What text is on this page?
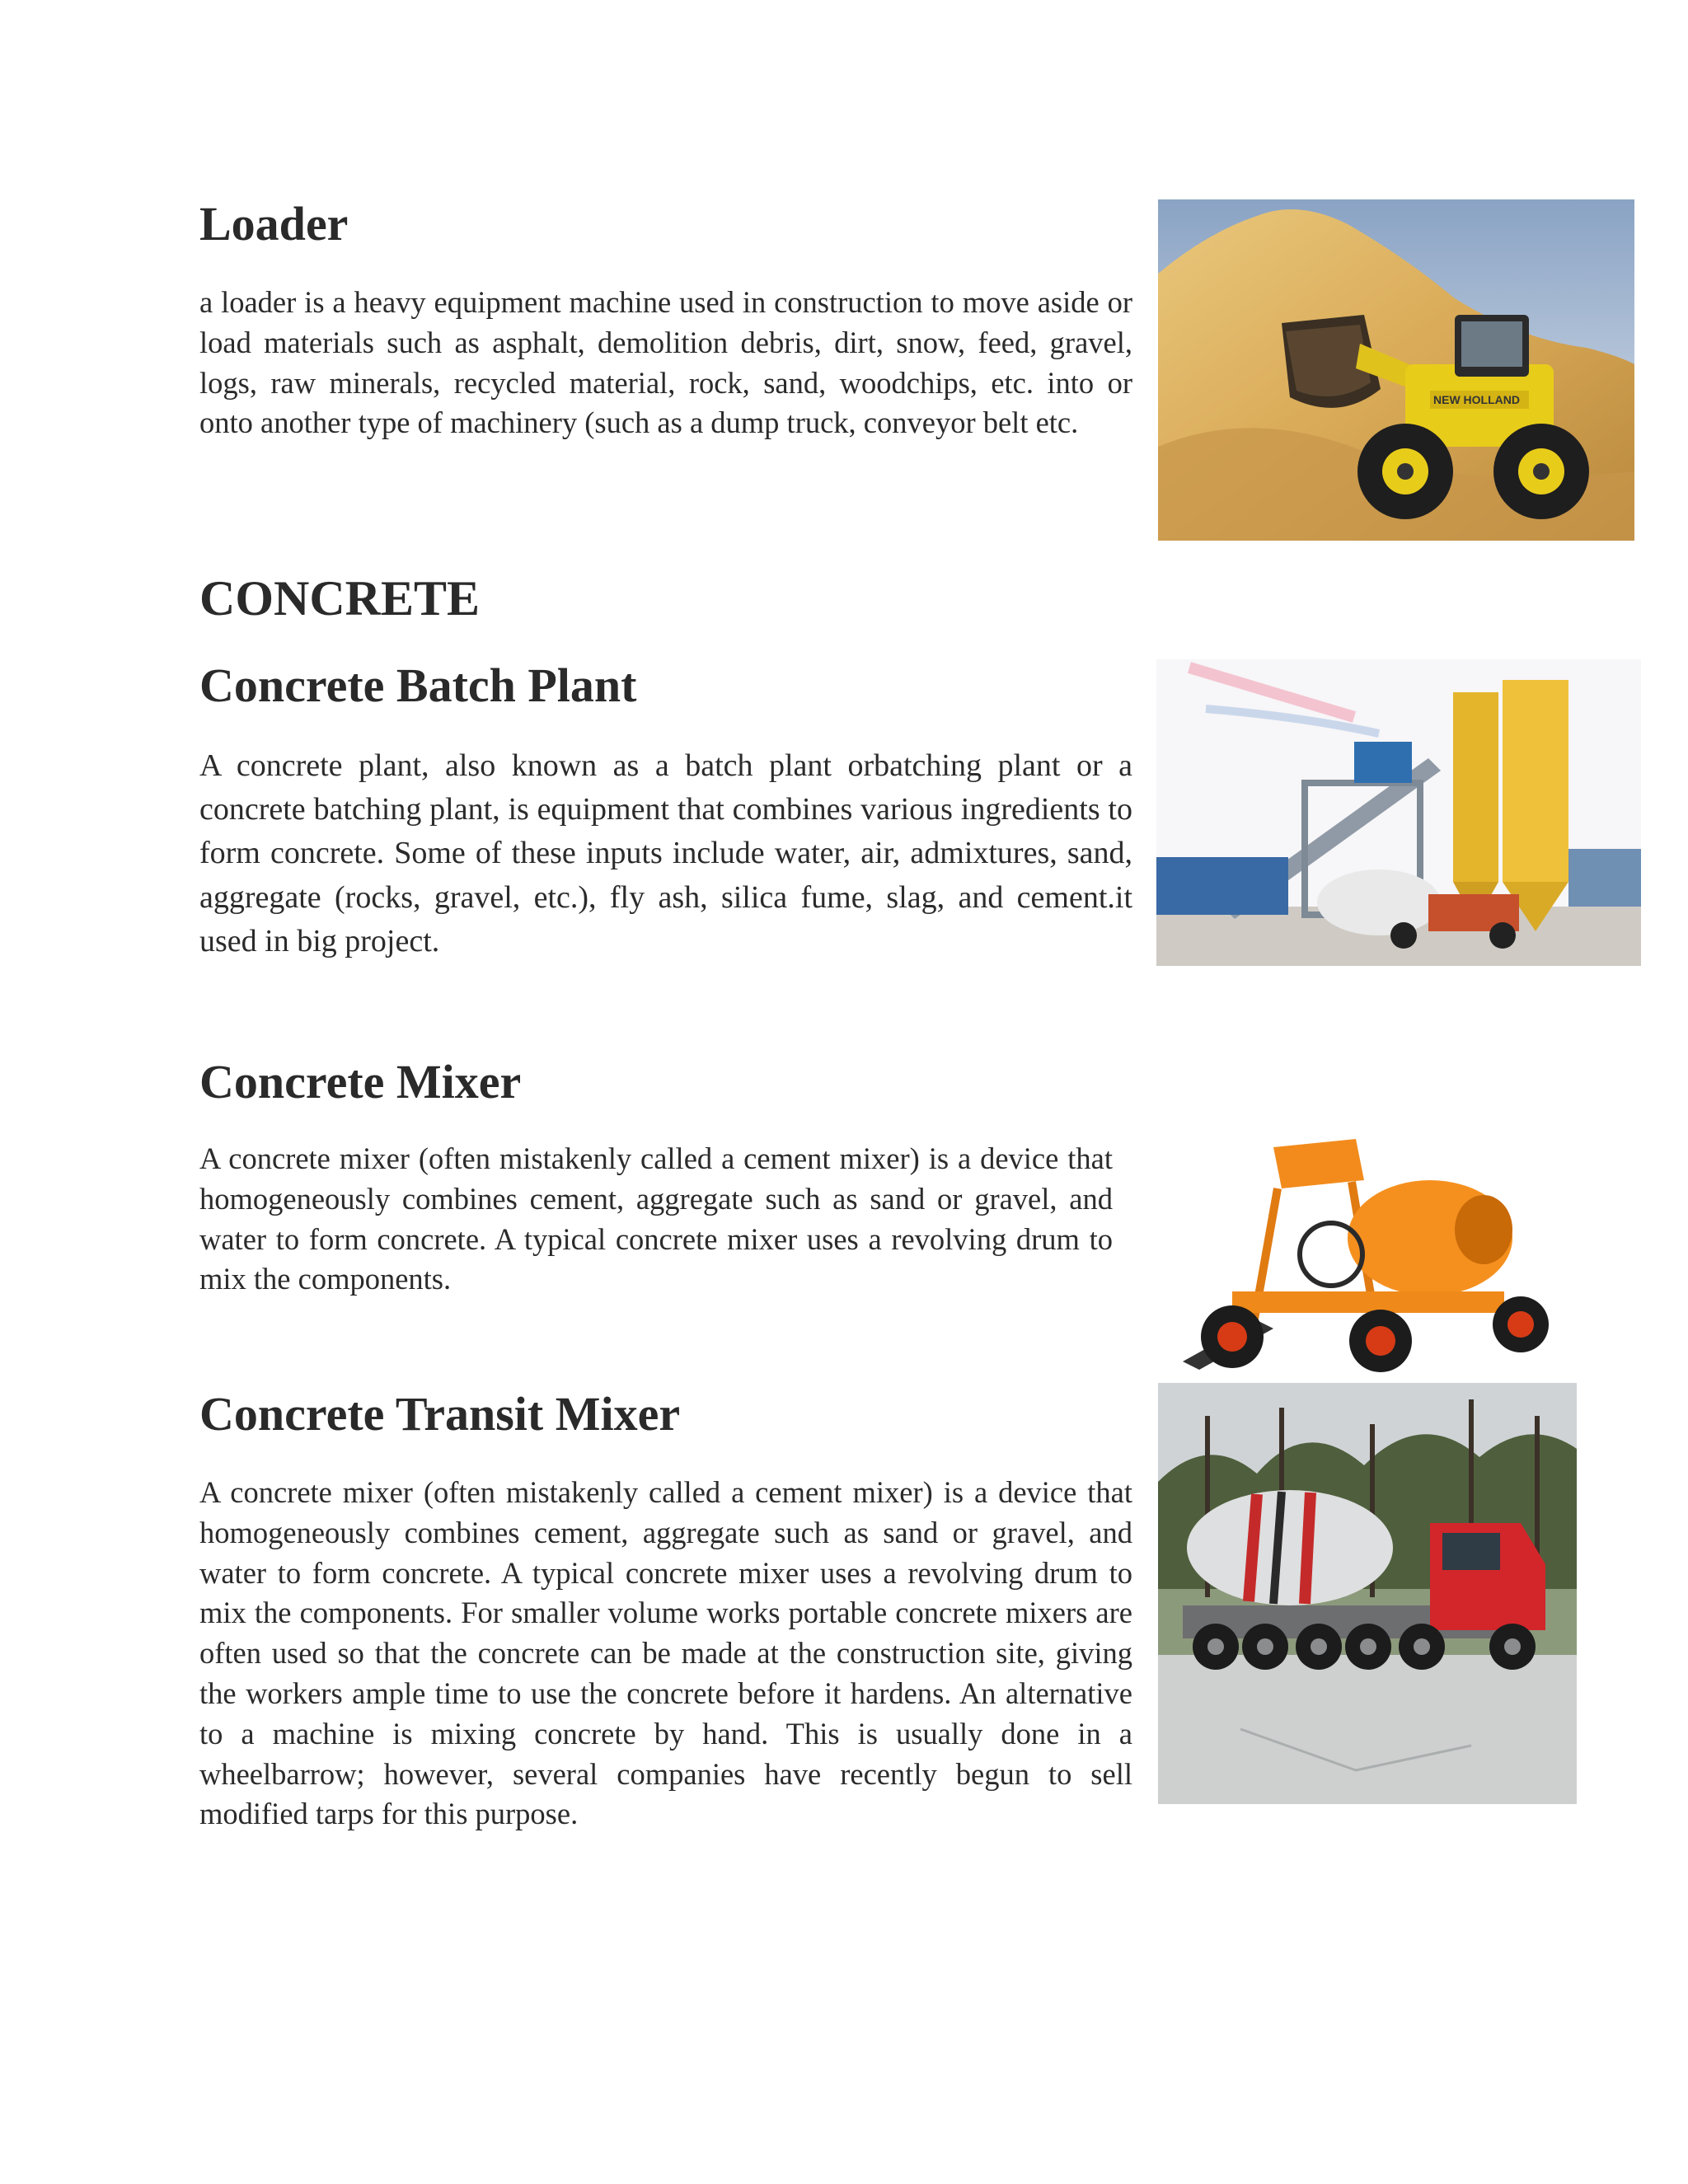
Loader

a loader is a heavy equipment machine used in construction to move aside or load materials such as asphalt, demolition debris, dirt, snow, feed, gravel, logs, raw minerals, recycled material, rock, sand, woodchips, etc. into or onto another type of machinery (such as a dump truck, conveyor belt etc.

NEW HOLLAND
CONCRETE
Concrete Batch Plant

A concrete plant, also known as a batch plant orbatching plant or a concrete batching plant, is equipment that combines various ingredients to form concrete. Some of these inputs include water, air, admixtures, sand, aggregate (rocks, gravel, etc.), fly ash, silica fume, slag, and cement.it used in big project.

Concrete Mixer

A concrete mixer (often mistakenly called a cement mixer) is a device that homogeneously combines cement, aggregate such as sand or gravel, and water to form concrete. A typical concrete mixer uses a revolving drum to mix the components.

Concrete Transit Mixer

A concrete mixer (often mistakenly called a cement mixer) is a device that homogeneously combines cement, aggregate such as sand or gravel, and water to form concrete. A typical concrete mixer uses a revolving drum to mix the components. For smaller volume works portable concrete mixers are often used so that the concrete can be made at the construction site, giving the workers ample time to use the concrete before it hardens. An alternative to a machine is mixing concrete by hand. This is usually done in a wheelbarrow; however, several companies have recently begun to sell modified tarps for this purpose.
